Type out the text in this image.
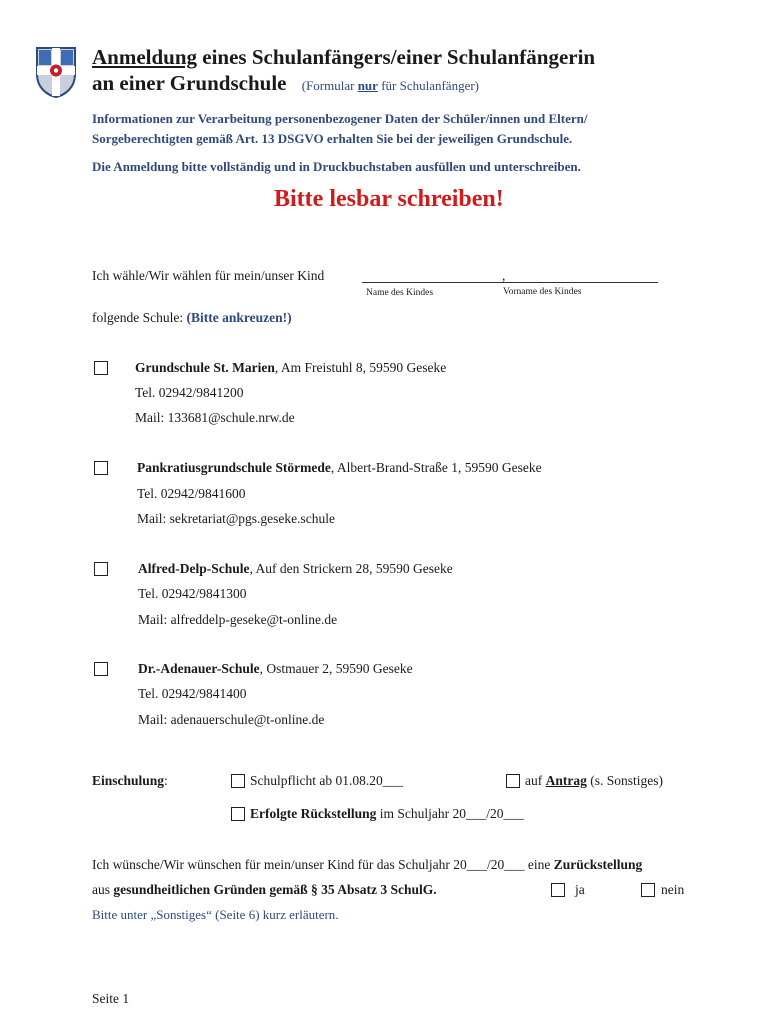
Anmeldung eines Schulanfängers/einer Schulanfängerin
an einer Grundschule (Formular nur für Schulanfänger)
Informationen zur Verarbeitung personenbezogener Daten der Schüler/innen und Eltern/
Sorgeberechtigten gemäß Art. 13 DSGVO erhalten Sie bei der jeweiligen Grundschule.
Die Anmeldung bitte vollständig und in Druckbuchstaben ausfüllen und unterschreiben.
Bitte lesbar schreiben!
Ich wähle/Wir wählen für mein/unser Kind	,
Name des Kindes	Vorname des Kindes
folgende Schule: (Bitte ankreuzen!)
Grundschule St. Marien, Am Freistuhl 8, 59590 Geseke
Tel. 02942/9841200
Mail: 133681@schule.nrw.de
Pankratiusgrundschule Störmede, Albert-Brand-Straße 1, 59590 Geseke
Tel. 02942/9841600
Mail: sekretariat@pgs.geseke.schule
Alfred-Delp-Schule, Auf den Strickern 28, 59590 Geseke
Tel. 02942/9841300
Mail: alfreddelp-geseke@t-online.de
Dr.-Adenauer-Schule, Ostmauer 2, 59590 Geseke
Tel. 02942/9841400
Mail: adenauerschule@t-online.de
Einschulung:	Schulpflicht ab 01.08.20___	auf Antrag (s. Sonstiges)
Erfolgte Rückstellung im Schuljahr 20___/20___
Ich wünsche/Wir wünschen für mein/unser Kind für das Schuljahr 20___/20___ eine Zurückstellung
aus gesundheitlichen Gründen gemäß § 35 Absatz 3 SchulG.	ja	nein
Bitte unter „Sonstiges“ (Seite 6) kurz erläutern.
Seite 1
